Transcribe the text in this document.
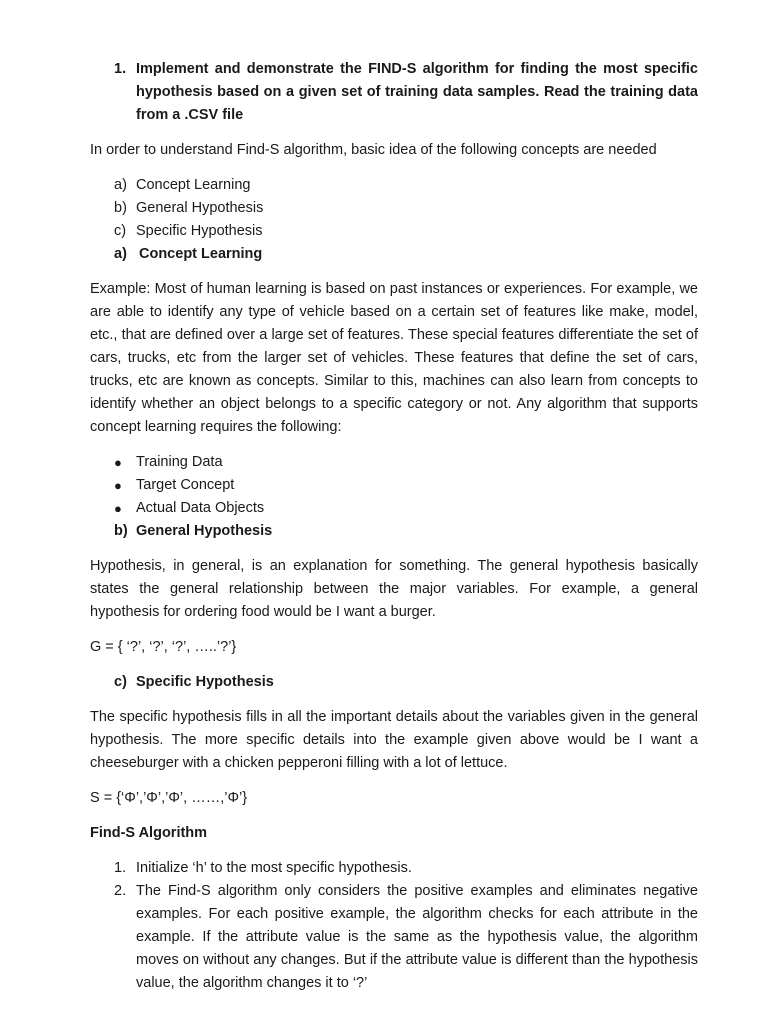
1. Implement and demonstrate the FIND-S algorithm for finding the most specific hypothesis based on a given set of training data samples. Read the training data from a .CSV file

In order to understand Find-S algorithm, basic idea of the following concepts are needed

a) Concept Learning
b) General Hypothesis
c) Specific Hypothesis
a) Concept Learning

Example: Most of human learning is based on past instances or experiences. For example, we are able to identify any type of vehicle based on a certain set of features like make, model, etc., that are defined over a large set of features. These special features differentiate the set of cars, trucks, etc from the larger set of vehicles. These features that define the set of cars, trucks, etc are known as concepts. Similar to this, machines can also learn from concepts to identify whether an object belongs to a specific category or not. Any algorithm that supports concept learning requires the following:

● Training Data
● Target Concept
● Actual Data Objects
b) General Hypothesis

Hypothesis, in general, is an explanation for something. The general hypothesis basically states the general relationship between the major variables. For example, a general hypothesis for ordering food would be I want a burger.

G = { ‘?’, ‘?’, ‘?’, …..’?’}

c) Specific Hypothesis

The specific hypothesis fills in all the important details about the variables given in the general hypothesis. The more specific details into the example given above would be I want a cheeseburger with a chicken pepperoni filling with a lot of lettuce.

S = {‘Φ’,’Φ’,’Φ’, ……,’Φ’}

Find-S Algorithm

1. Initialize ‘h’ to the most specific hypothesis.
2. The Find-S algorithm only considers the positive examples and eliminates negative examples. For each positive example, the algorithm checks for each attribute in the example. If the attribute value is the same as the hypothesis value, the algorithm moves on without any changes. But if the attribute value is different than the hypothesis value, the algorithm changes it to ‘?’
